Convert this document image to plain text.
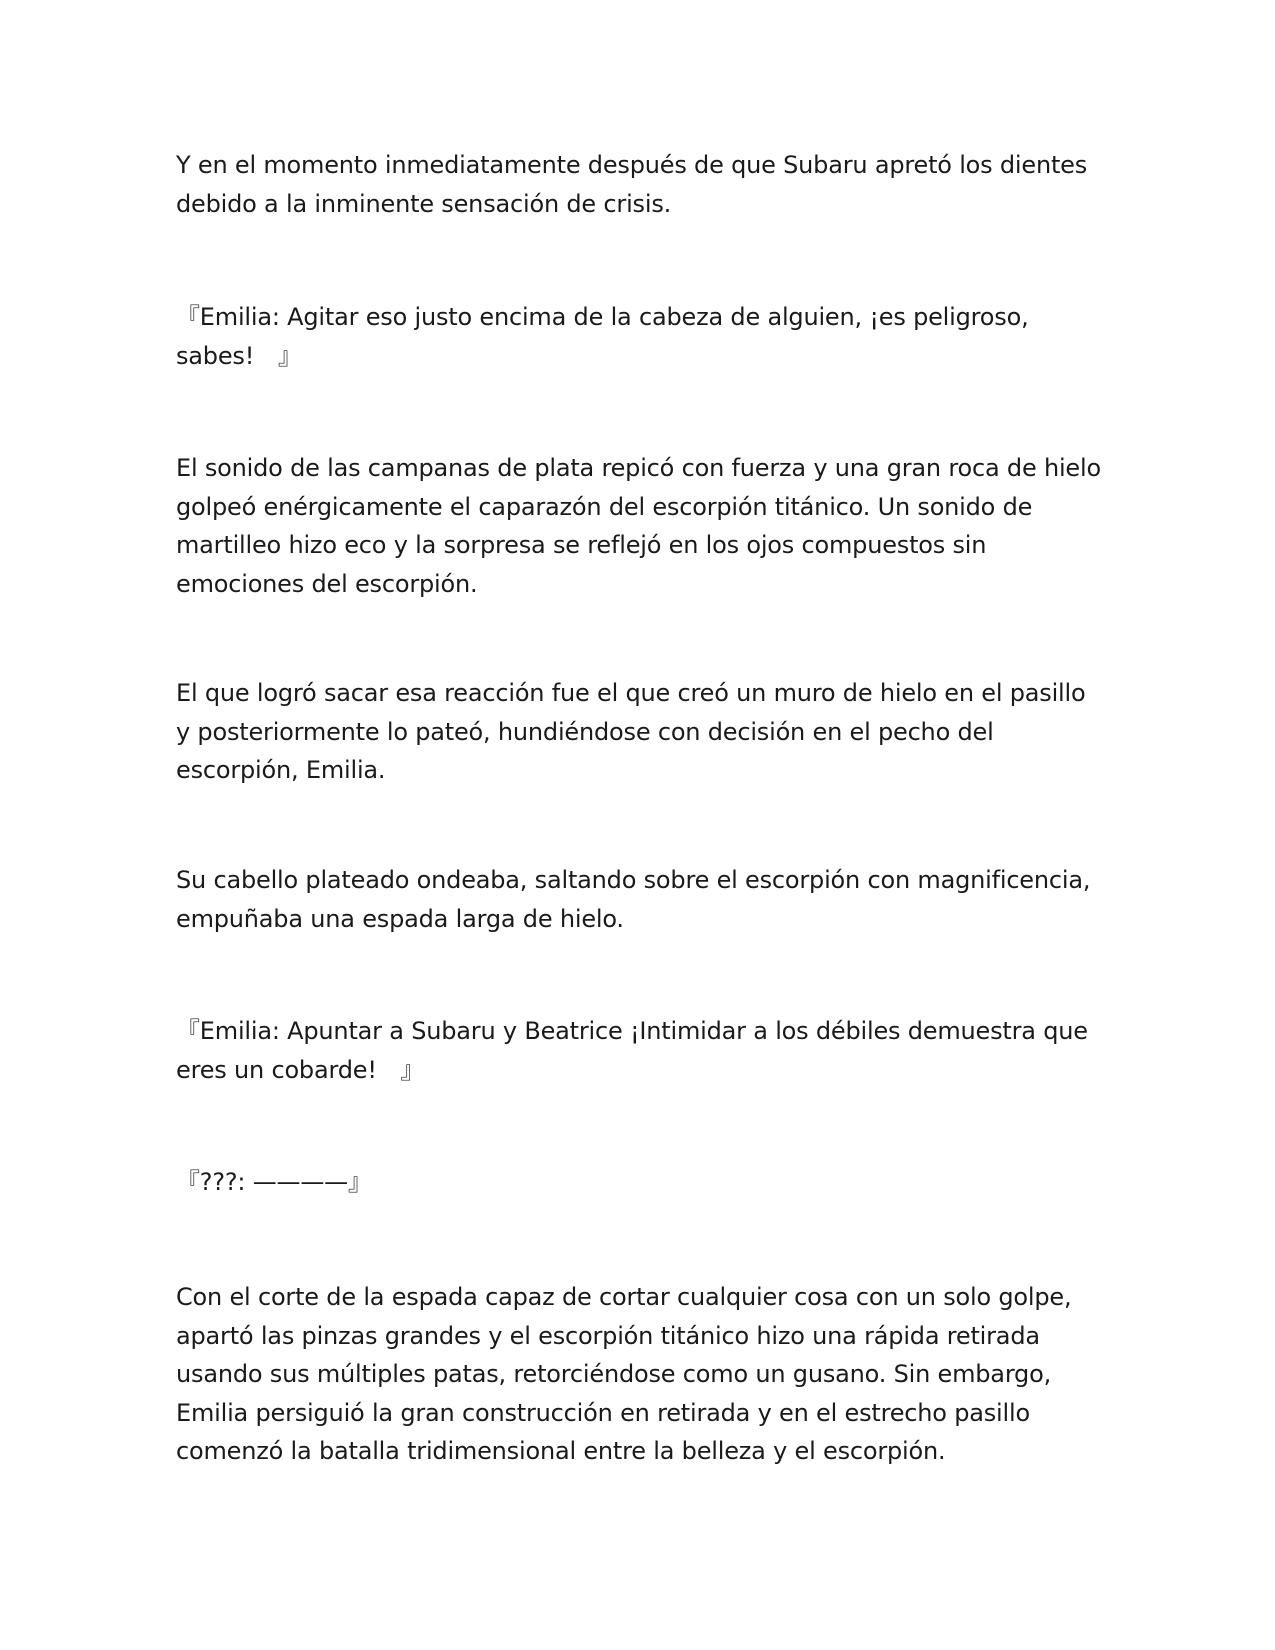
Y en el momento inmediatamente después de que Subaru apretó los dientes debido a la inminente sensación de crisis.

『Emilia: Agitar eso justo encima de la cabeza de alguien, ¡es peligroso, sabes!　』

El sonido de las campanas de plata repicó con fuerza y una gran roca de hielo golpeó enérgicamente el caparazón del escorpión titánico. Un sonido de martilleo hizo eco y la sorpresa se reflejó en los ojos compuestos sin emociones del escorpión.

El que logró sacar esa reacción fue el que creó un muro de hielo en el pasillo y posteriormente lo pateó, hundiéndose con decisión en el pecho del escorpión, Emilia.

Su cabello plateado ondeaba, saltando sobre el escorpión con magnificencia, empuñaba una espada larga de hielo.

『Emilia: Apuntar a Subaru y Beatrice ¡Intimidar a los débiles demuestra que eres un cobarde!　』

『???: ————』

Con el corte de la espada capaz de cortar cualquier cosa con un solo golpe, apartó las pinzas grandes y el escorpión titánico hizo una rápida retirada usando sus múltiples patas, retorciéndose como un gusano. Sin embargo, Emilia persiguió la gran construcción en retirada y en el estrecho pasillo comenzó la batalla tridimensional entre la belleza y el escorpión.
